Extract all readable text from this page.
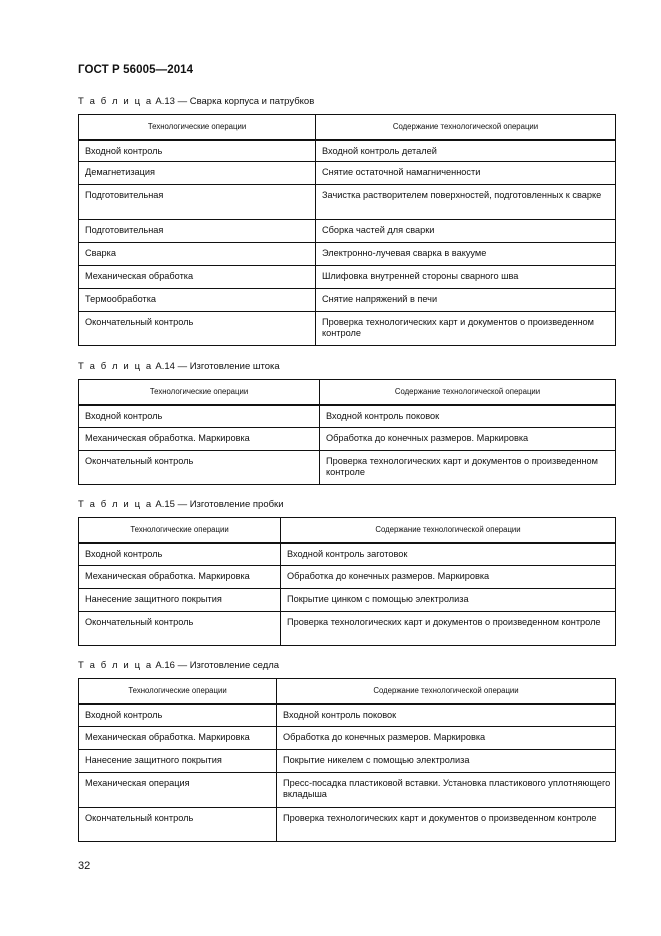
ГОСТ Р 56005—2014
Т а б л и ц а А.13 — Сварка корпуса и патрубков
Технологические операции	Содержание технологической операции
Входной контроль	Входной контроль деталей
Демагнетизация	Снятие остаточной намагниченности
Подготовительная	Зачистка растворителем поверхностей, подготовленных к сварке
Подготовительная	Сборка частей для сварки
Сварка	Электронно-лучевая сварка в вакууме
Механическая обработка	Шлифовка внутренней стороны сварного шва
Термообработка	Снятие напряжений в печи
Окончательный контроль	Проверка технологических карт и документов о произведенном контроле
Т а б л и ц а А.14 — Изготовление штока
Технологические операции	Содержание технологической операции
Входной контроль	Входной контроль поковок
Механическая обработка. Маркировка	Обработка до конечных размеров. Маркировка
Окончательный контроль	Проверка технологических карт и документов о произведенном контроле
Т а б л и ц а А.15 — Изготовление пробки
Технологические операции	Содержание технологической операции
Входной контроль	Входной контроль заготовок
Механическая обработка. Маркировка	Обработка до конечных размеров. Маркировка
Нанесение защитного покрытия	Покрытие цинком с помощью электролиза
Окончательный контроль	Проверка технологических карт и документов о произведенном контроле
Т а б л и ц а А.16 — Изготовление седла
Технологические операции	Содержание технологической операции
Входной контроль	Входной контроль поковок
Механическая обработка. Маркировка	Обработка до конечных размеров. Маркировка
Нанесение защитного покрытия	Покрытие никелем с помощью электролиза
Механическая операция	Пресс-посадка пластиковой вставки. Установка пластикового уплотняющего вкладыша
Окончательный контроль	Проверка технологических карт и документов о произведенном контроле
32
